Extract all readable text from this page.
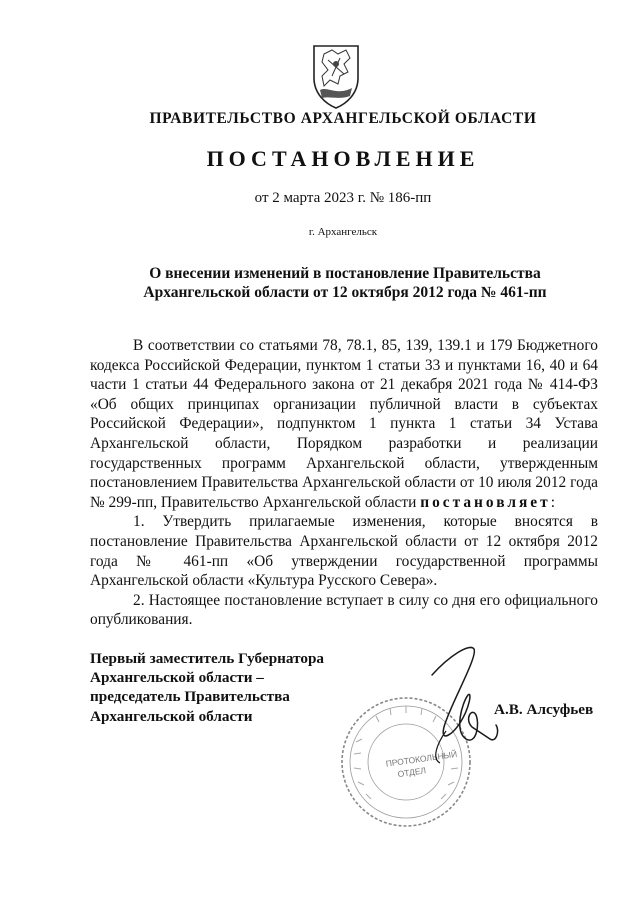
ПРАВИТЕЛЬСТВО АРХАНГЕЛЬСКОЙ ОБЛАСТИ
ПОСТАНОВЛЕНИЕ
от 2 марта 2023 г. № 186-пп
г. Архангельск
О внесении изменений в постановление Правительства
Архангельской области от 12 октября 2012 года № 461-пп

В соответствии со статьями 78, 78.1, 85, 139, 139.1 и 179 Бюджетного кодекса Российской Федерации, пунктом 1 статьи 33 и пунктами 16, 40 и 64 части 1 статьи 44 Федерального закона от 21 декабря 2021 года № 414-ФЗ «Об общих принципах организации публичной власти в субъектах Российской Федерации», подпунктом 1 пункта 1 статьи 34 Устава Архангельской области, Порядком разработки и реализации государственных программ Архангельской области, утвержденным постановлением Правительства Архангельской области от 10 июля 2012 года № 299-пп, Правительство Архангельской области постановляет:

1. Утвердить прилагаемые изменения, которые вносятся в постановление Правительства Архангельской области от 12 октября 2012 года № 461-пп «Об утверждении государственной программы Архангельской области «Культура Русского Севера».

2. Настоящее постановление вступает в силу со дня его официального опубликования.

Первый заместитель Губернатора
Архангельской области –
председатель Правительства
Архангельской области
ПРОТОКОЛЬНЫЙ
ОТДЕЛ
А.В. Алсуфьев
